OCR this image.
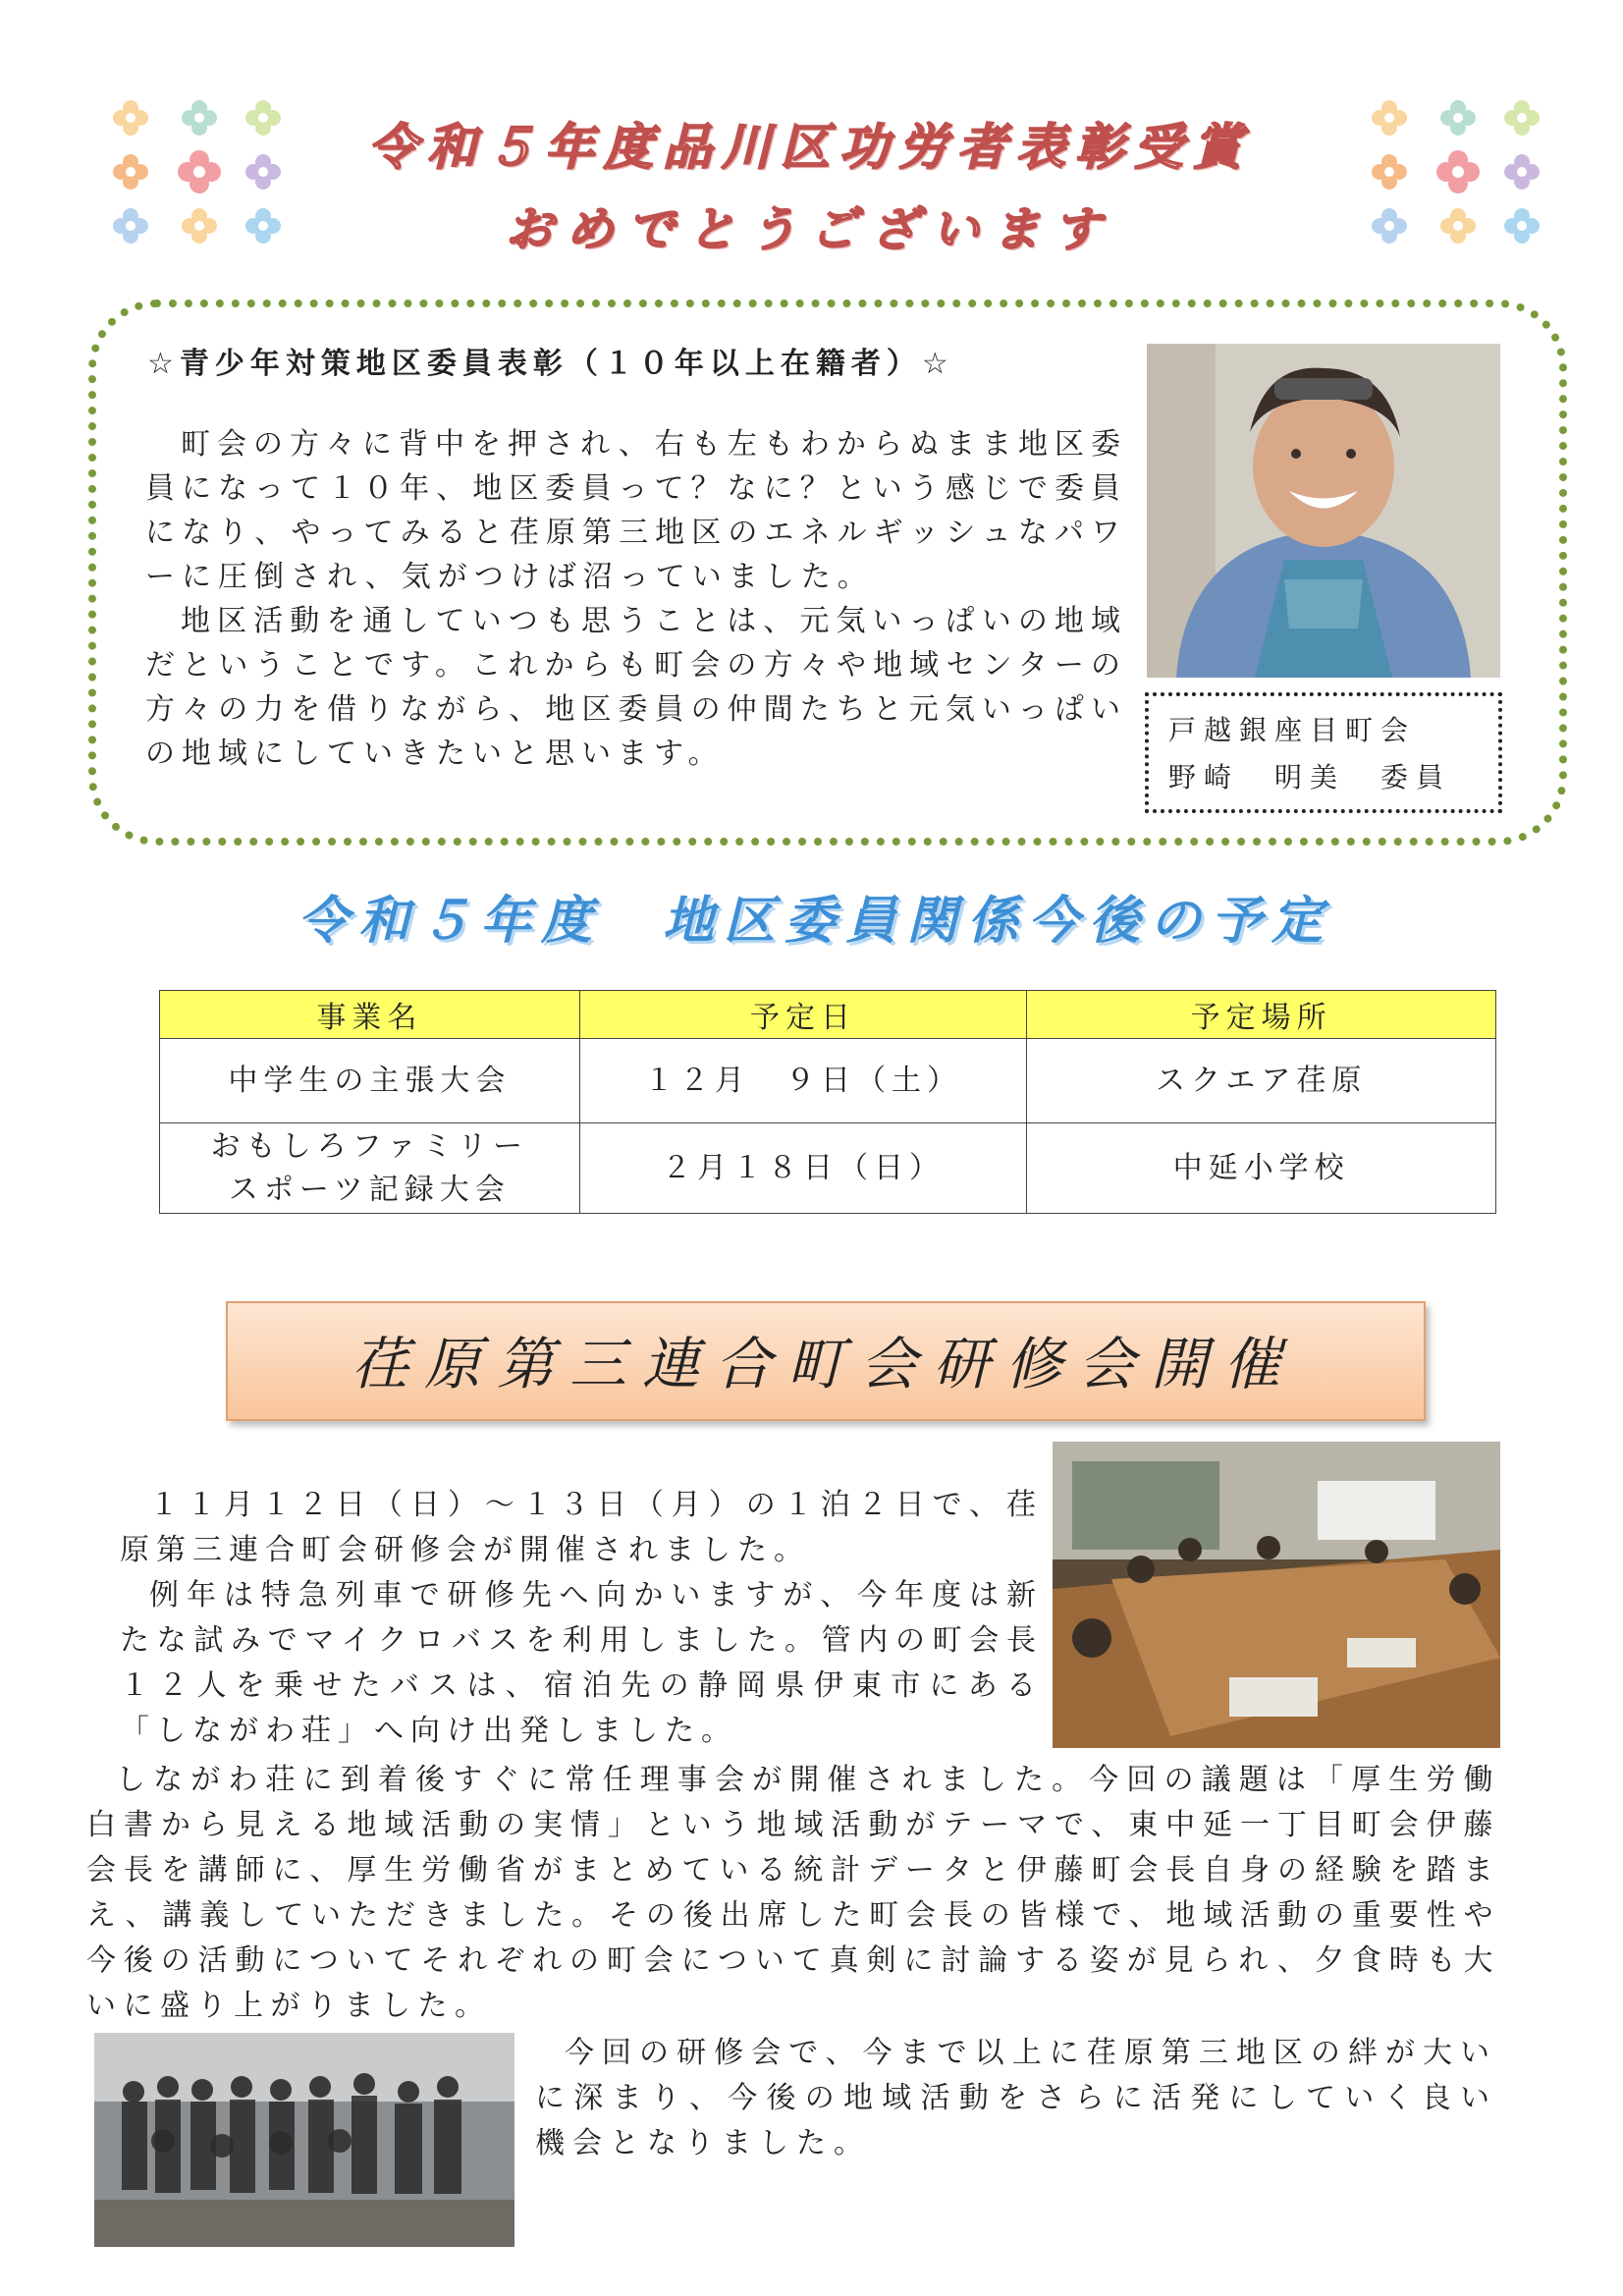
令和５年度品川区功労者表彰受賞
おめでとうございます
☆青少年対策地区委員表彰（１０年以上在籍者）☆

町会の方々に背中を押され、右も左もわからぬまま地区委員になって１０年、地区委員って？なに？という感じで委員になり、やってみると荏原第三地区のエネルギッシュなパワーに圧倒され、気がつけば沼っていました。

地区活動を通していつも思うことは、元気いっぱいの地域だということです。これからも町会の方々や地域センターの方々の力を借りながら、地区委員の仲間たちと元気いっぱいの地域にしていきたいと思います。

戸越銀座目町会
野崎　明美　委員
令和５年度　地区委員関係今後の予定
事業名	予定日	予定場所
中学生の主張大会	１２月　９日（土）	スクエア荏原

おもしろファミリー
スポーツ記録大会	２月１８日（日）	中延小学校
荏原第三連合町会研修会開催

１１月１２日（日）～１３日（月）の１泊２日で、荏原第三連合町会研修会が開催されました。

例年は特急列車で研修先へ向かいますが、今年度は新たな試みでマイクロバスを利用しました。管内の町会長１２人を乗せたバスは、宿泊先の静岡県伊東市にある「しながわ荘」へ向け出発しました。

しながわ荘に到着後すぐに常任理事会が開催されました。今回の議題は「厚生労働白書から見える地域活動の実情」という地域活動がテーマで、東中延一丁目町会伊藤会長を講師に、厚生労働省がまとめている統計データと伊藤町会長自身の経験を踏まえ、講義していただきました。その後出席した町会長の皆様で、地域活動の重要性や今後の活動についてそれぞれの町会について真剣に討論する姿が見られ、夕食時も大いに盛り上がりました。

今回の研修会で、今まで以上に荏原第三地区の絆が大いに深まり、今後の地域活動をさらに活発にしていく良い機会となりました。
